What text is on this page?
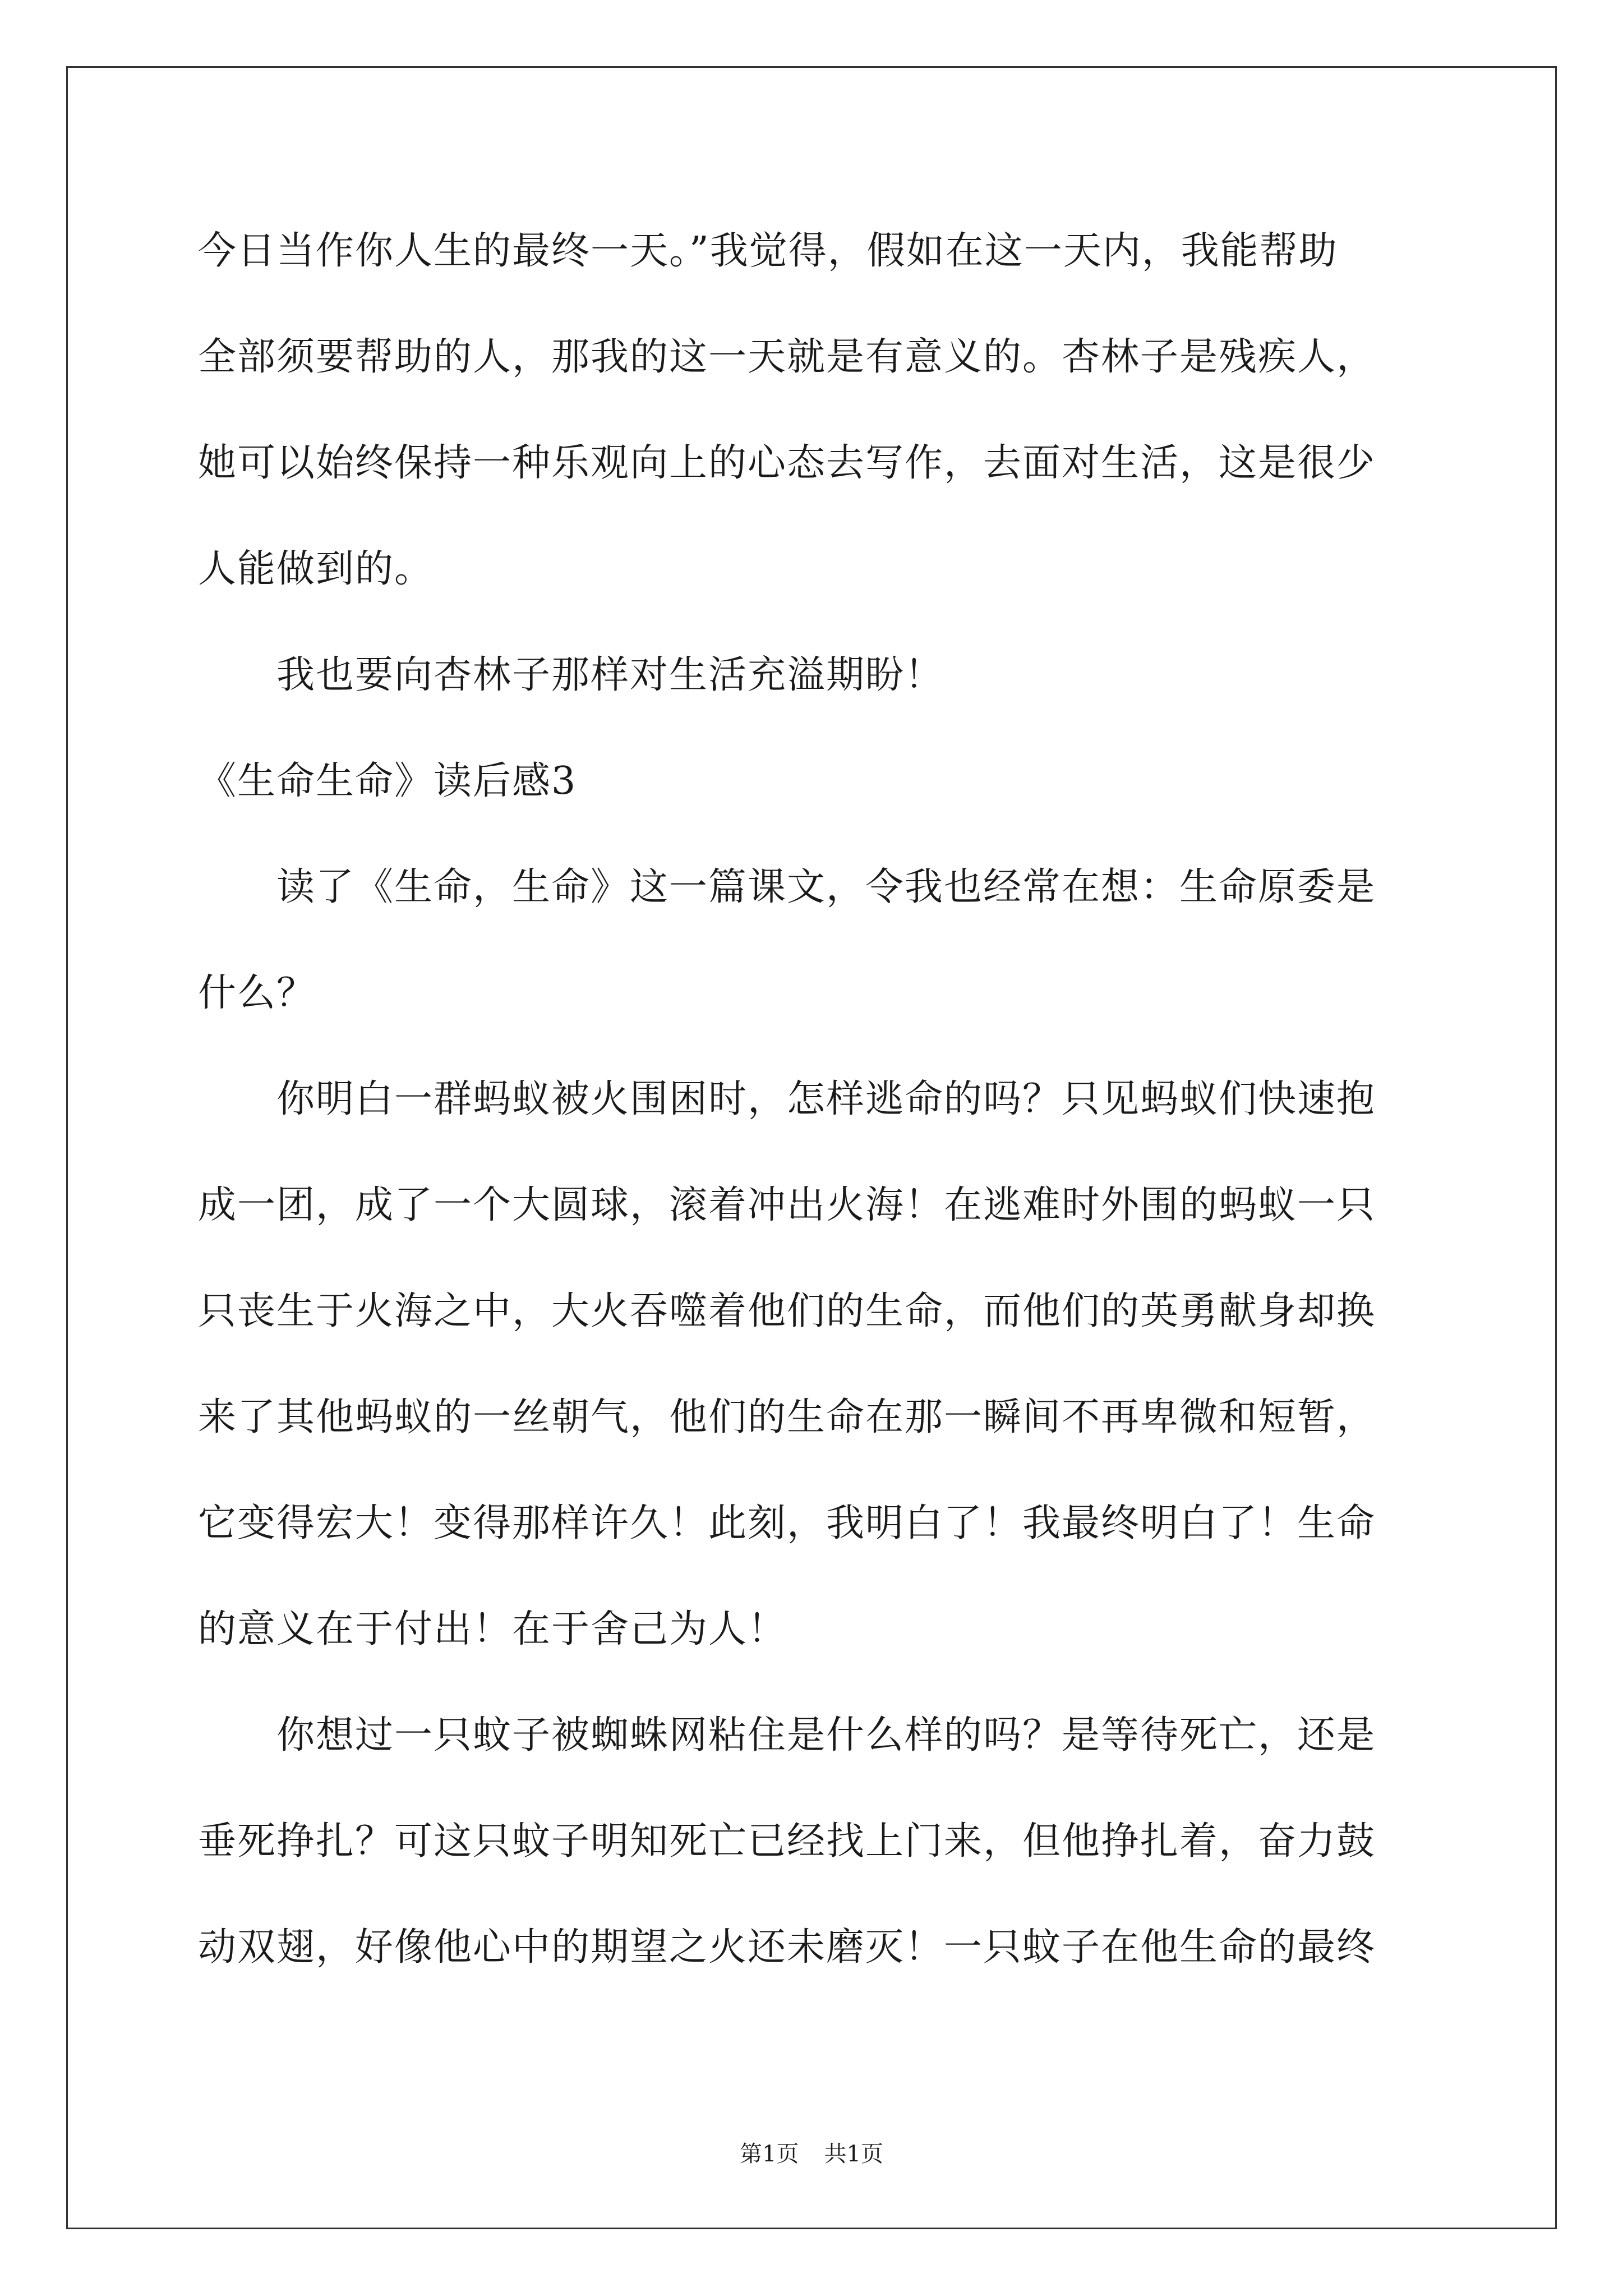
今日当作你人生的最终一天。”我觉得，假如在这一天内，我能帮助
全部须要帮助的人，那我的这一天就是有意义的。杏林子是残疾人，
她可以始终保持一种乐观向上的心态去写作，去面对生活，这是很少
人能做到的。
我也要向杏林子那样对生活充溢期盼！
《生命生命》读后感3
读了《生命，生命》这一篇课文，令我也经常在想：生命原委是
什么？
你明白一群蚂蚁被火围困时，怎样逃命的吗？只见蚂蚁们快速抱
成一团，成了一个大圆球，滚着冲出火海！在逃难时外围的蚂蚁一只
只丧生于火海之中，大火吞噬着他们的生命，而他们的英勇献身却换
来了其他蚂蚁的一丝朝气，他们的生命在那一瞬间不再卑微和短暂，
它变得宏大！变得那样许久！此刻，我明白了！我最终明白了！生命
的意义在于付出！在于舍己为人！
你想过一只蚊子被蜘蛛网粘住是什么样的吗？是等待死亡，还是
垂死挣扎？可这只蚊子明知死亡已经找上门来，但他挣扎着，奋力鼓
动双翅，好像他心中的期望之火还未磨灭！一只蚊子在他生命的最终
第1页 共1页
